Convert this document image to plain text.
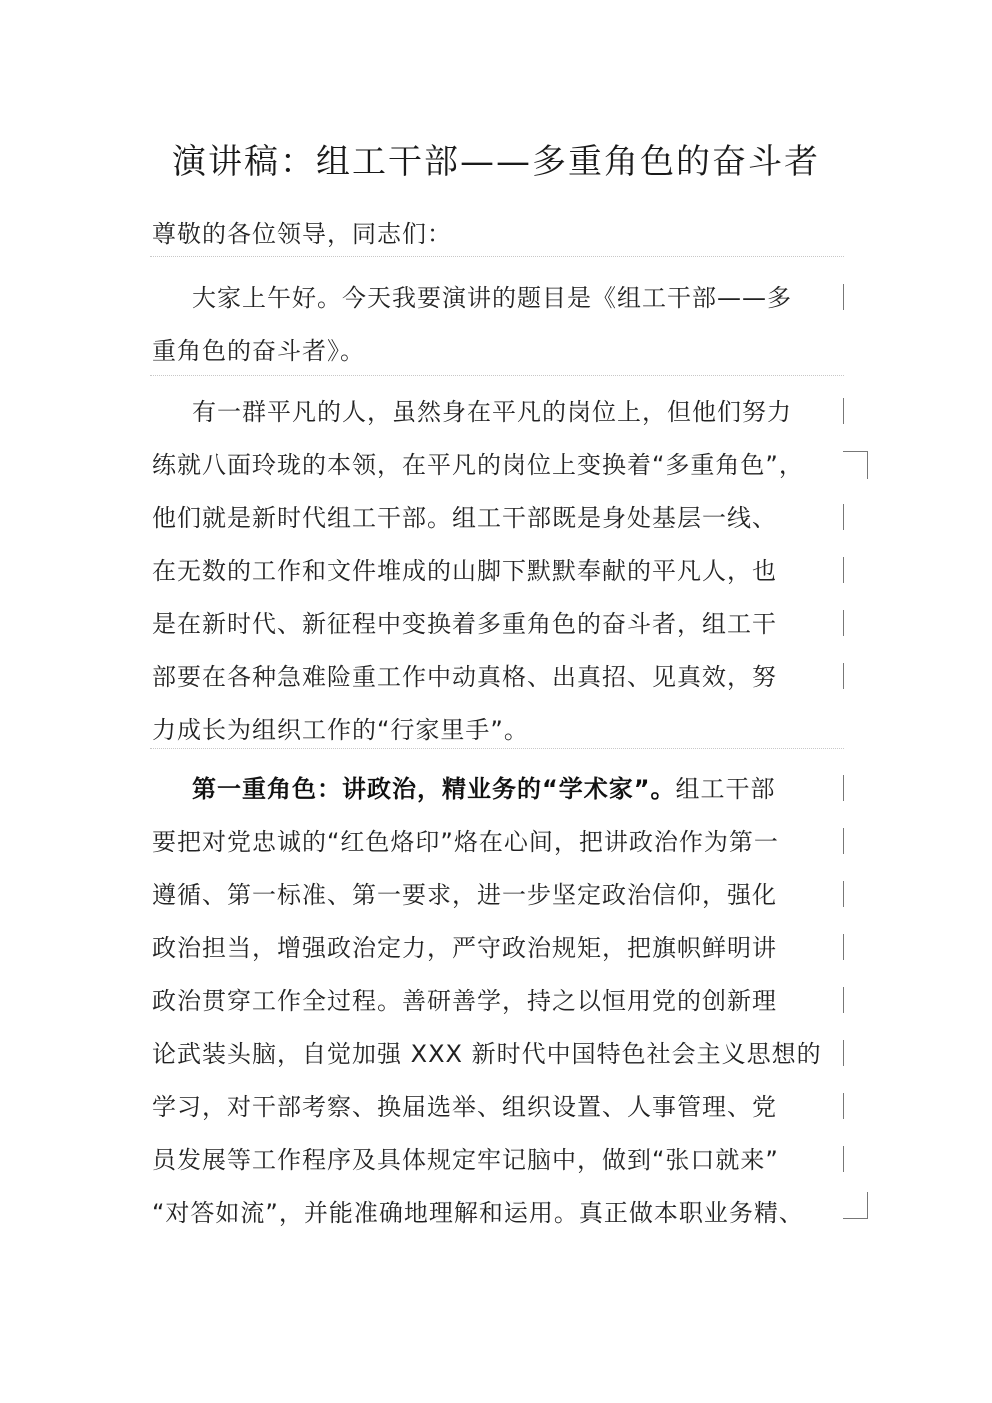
演讲稿：组工干部——多重角色的奋斗者
尊敬的各位领导，同志们：
大家上午好。今天我要演讲的题目是《组工干部——多
重角色的奋斗者》。
有一群平凡的人，虽然身在平凡的岗位上，但他们努力
练就八面玲珑的本领，在平凡的岗位上变换着“多重角色”，
他们就是新时代组工干部。组工干部既是身处基层一线、
在无数的工作和文件堆成的山脚下默默奉献的平凡人，也
是在新时代、新征程中变换着多重角色的奋斗者，组工干
部要在各种急难险重工作中动真格、出真招、见真效，努
力成长为组织工作的“行家里手”。
第一重角色：讲政治，精业务的“学术家”。组工干部
要把对党忠诚的“红色烙印”烙在心间，把讲政治作为第一
遵循、第一标准、第一要求，进一步坚定政治信仰，强化
政治担当，增强政治定力，严守政治规矩，把旗帜鲜明讲
政治贯穿工作全过程。善研善学，持之以恒用党的创新理
论武装头脑，自觉加强 XXX 新时代中国特色社会主义思想的
学习，对干部考察、换届选举、组织设置、人事管理、党
员发展等工作程序及具体规定牢记脑中，做到“张口就来”
“对答如流”，并能准确地理解和运用。真正做本职业务精、
